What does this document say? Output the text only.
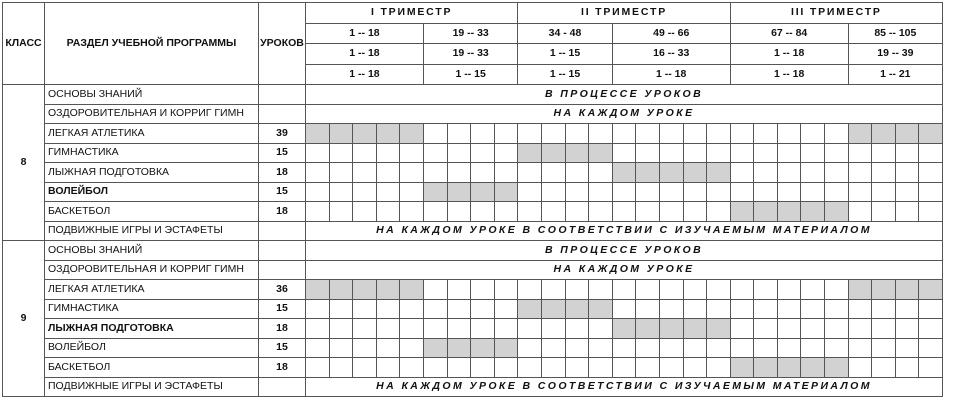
КЛАСС	РАЗДЕЛ УЧЕБНОЙ ПРОГРАММЫ	УРОКОВ	I ТРИМЕСТР									II ТРИМЕСТР									III ТРИМЕСТР								
			1 -- 18					19 -- 33				34 - 48				49 -- 66					67 -- 84					85 -- 105			
			1 -- 18					19 -- 33				1 -- 15				16 -- 33					1 -- 18					19 -- 39			
			1 -- 18					1 -- 15				1 -- 15				1 -- 18					1 -- 18					1 -- 21			
8	ОСНОВЫ ЗНАНИЙ		В ПРОЦЕССЕ УРОКОВ																										
	ОЗДОРОВИТЕЛЬНАЯ И КОРРИГ ГИМН		НА КАЖДОМ УРОКЕ																										
	ЛЕГКАЯ АТЛЕТИКА	39																											
	ГИМНАСТИКА	15																											
	ЛЫЖНАЯ ПОДГОТОВКА	18																											
	ВОЛЕЙБОЛ	15																											
	БАСКЕТБОЛ	18																											
	ПОДВИЖНЫЕ ИГРЫ И ЭСТАФЕТЫ		НА КАЖДОМ УРОКЕ В СООТВЕТСТВИИ С ИЗУЧАЕМЫМ МАТЕРИАЛОМ																										
9	ОСНОВЫ ЗНАНИЙ		В ПРОЦЕССЕ УРОКОВ																										
	ОЗДОРОВИТЕЛЬНАЯ И КОРРИГ ГИМН		НА КАЖДОМ УРОКЕ																										
	ЛЕГКАЯ АТЛЕТИКА	36																											
	ГИМНАСТИКА	15																											
	ЛЫЖНАЯ ПОДГОТОВКА	18																											
	ВОЛЕЙБОЛ	15																											
	БАСКЕТБОЛ	18																											
	ПОДВИЖНЫЕ ИГРЫ И ЭСТАФЕТЫ		НА КАЖДОМ УРОКЕ В СООТВЕТСТВИИ С ИЗУЧАЕМЫМ МАТЕРИАЛОМ																										
